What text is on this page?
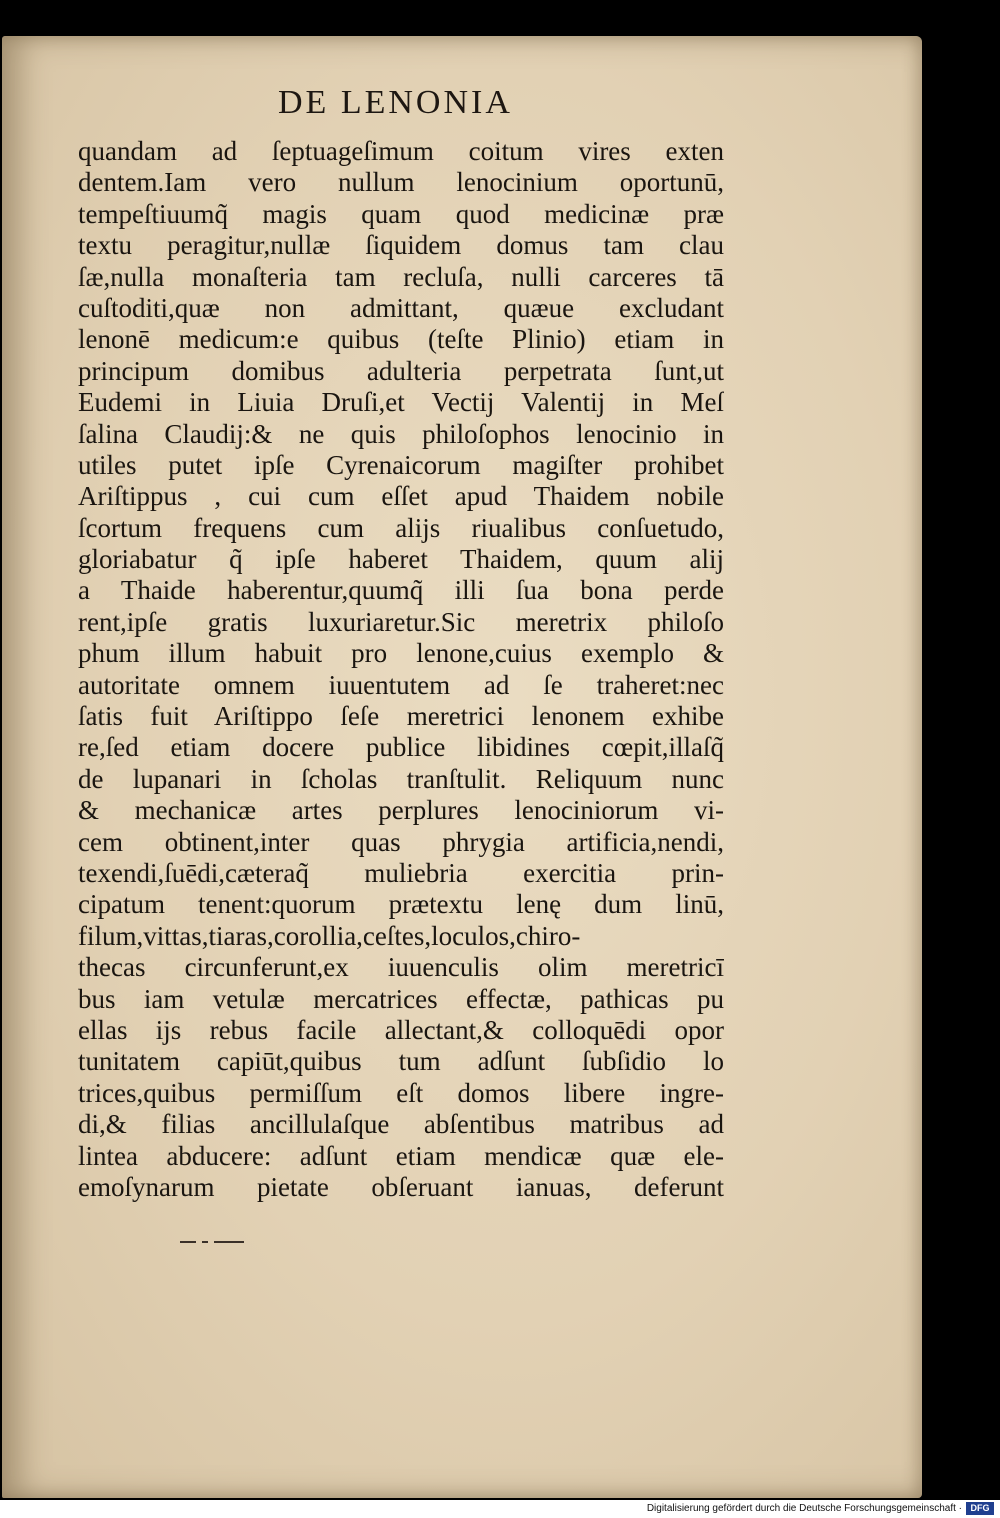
DE LENONIA
quandam ad ſeptuageſimum coitum vires exten
dentem.Iam vero nullum lenocinium oportunū,
tempeſtiuumq̃ magis quam quod medicinæ præ
textu peragitur,nullæ ſiquidem domus tam clau
ſæ,nulla monaſteria tam recluſa, nulli carceres tā
cuſtoditi,quæ non admittant, quæue excludant
lenonē medicum:e quibus (teſte Plinio) etiam in
principum domibus adulteria perpetrata ſunt,ut
Eudemi in Liuia Druſi,et Vectij Valentij in Meſ
ſalina Claudij:& ne quis philoſophos lenocinio in
utiles putet ipſe Cyrenaicorum magiſter prohibet
Ariſtippus , cui cum eſſet apud Thaidem nobile
ſcortum frequens cum alijs riualibus conſuetudo,
gloriabatur q̃ ipſe haberet Thaidem, quum alij
a Thaide haberentur,quumq̃ illi ſua bona perde
rent,ipſe gratis luxuriaretur.Sic meretrix philoſo
phum illum habuit pro lenone,cuius exemplo &
autoritate omnem iuuentutem ad ſe traheret:nec
ſatis fuit Ariſtippo ſeſe meretrici lenonem exhibe
re,ſed etiam docere publice libidines cœpit,illaſq̃
de lupanari in ſcholas tranſtulit. Reliquum nunc
& mechanicæ artes perplures lenociniorum vi-
cem obtinent,inter quas phrygia artificia,nendi,
texendi,ſuēdi,cæteraq̃ muliebria exercitia prin-
cipatum tenent:quorum prætextu lenę dum linū,
filum,vittas,tiaras,corollia,ceſtes,loculos,chiro-
thecas circunferunt,ex iuuenculis olim meretricī
bus iam vetulæ mercatrices effectæ, pathicas pu
ellas ijs rebus facile allectant,& colloquēdi opor
tunitatem capiūt,quibus tum adſunt ſubſidio lo
trices,quibus permiſſum eſt domos libere ingre-
di,& filias ancillulaſque abſentibus matribus ad
lintea abducere: adſunt etiam mendicæ quæ ele-
emoſynarum pietate obſeruant ianuas, deferunt
Digitalisierung gefördert durch die Deutsche Forschungsgemeinschaft · DFG
